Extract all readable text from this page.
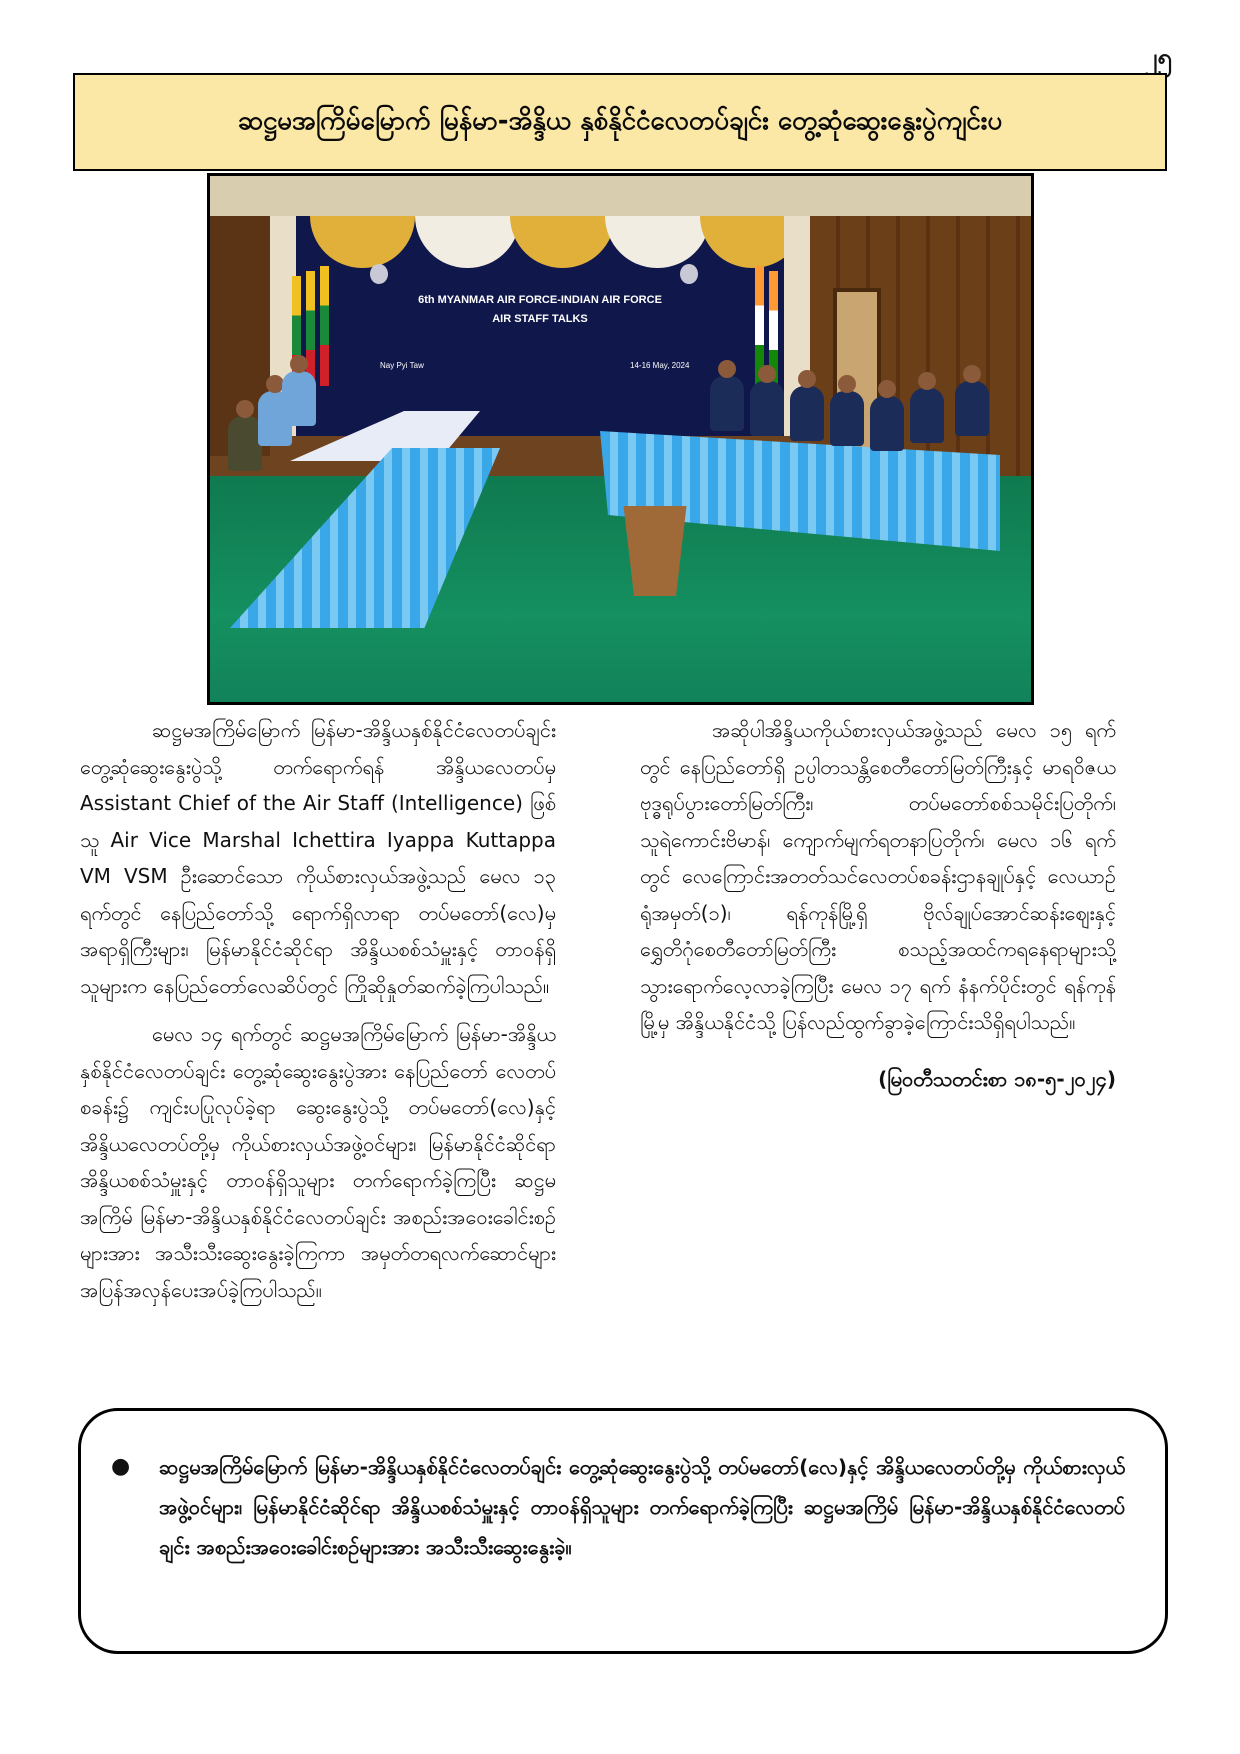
၂၅
ဆဋ္ဌမအကြိမ်မြောက် မြန်မာ-အိန္ဒိယ နှစ်နိုင်ငံလေတပ်ချင်း တွေ့ဆုံဆွေးနွေးပွဲကျင်းပ
6th MYANMAR AIR FORCE-INDIAN AIR FORCE
AIR STAFF TALKS
Nay Pyi Taw	14-16 May, 2024

ဆဋ္ဌမအကြိမ်မြောက် မြန်မာ-အိန္ဒိယနှစ်နိုင်ငံလေတပ်ချင်း တွေ့ဆုံဆွေးနွေးပွဲသို့ တက်ရောက်ရန် အိန္ဒိယလေတပ်မှ Assistant Chief of the Air Staff (Intelligence) ဖြစ်သူ Air Vice Marshal Ichettira Iyappa Kuttappa VM VSM ဦးဆောင်သော ကိုယ်စားလှယ်အဖွဲ့သည် မေလ ၁၃ ရက်တွင် နေပြည်တော်သို့ ရောက်ရှိလာရာ တပ်မတော်(လေ)မှ အရာရှိကြီးများ၊ မြန်မာနိုင်ငံဆိုင်ရာ အိန္ဒိယစစ်သံမှူးနှင့် တာဝန်ရှိသူများက နေပြည်တော်လေဆိပ်တွင် ကြိုဆိုနှုတ်ဆက်ခဲ့ကြပါသည်။

မေလ ၁၄ ရက်တွင် ဆဋ္ဌမအကြိမ်မြောက် မြန်မာ-အိန္ဒိယ နှစ်နိုင်ငံလေတပ်ချင်း တွေ့ဆုံဆွေးနွေးပွဲအား နေပြည်တော် လေတပ်စခန်း၌ ကျင်းပပြုလုပ်ခဲ့ရာ ဆွေးနွေးပွဲသို့ တပ်မတော်(လေ)နှင့် အိန္ဒိယလေတပ်တို့မှ ကိုယ်စားလှယ်အဖွဲ့ဝင်များ၊ မြန်မာနိုင်ငံဆိုင်ရာ အိန္ဒိယစစ်သံမှူးနှင့် တာဝန်ရှိသူများ တက်ရောက်ခဲ့ကြပြီး ဆဋ္ဌမအကြိမ် မြန်မာ-အိန္ဒိယနှစ်နိုင်ငံလေတပ်ချင်း အစည်းအဝေးခေါင်းစဉ်များအား အသီးသီးဆွေးနွေးခဲ့ကြကာ အမှတ်တရလက်ဆောင်များ အပြန်အလှန်ပေးအပ်ခဲ့ကြပါသည်။

အဆိုပါအိန္ဒိယကိုယ်စားလှယ်အဖွဲ့သည် မေလ ၁၅ ရက်တွင် နေပြည်တော်ရှိ ဥပ္ပါတသန္တိစေတီတော်မြတ်ကြီးနှင့် မာရဝိဇယ ဗုဒ္ဓရုပ်ပွားတော်မြတ်ကြီး၊ တပ်မတော်စစ်သမိုင်းပြတိုက်၊ သူရဲကောင်းဗိမာန်၊ ကျောက်မျက်ရတနာပြတိုက်၊ မေလ ၁၆ ရက်တွင် လေကြောင်းအတတ်သင်လေတပ်စခန်းဌာနချုပ်နှင့် လေယာဉ်ရုံအမှတ်(၁)၊ ရန်ကုန်မြို့ရှိ ဗိုလ်ချုပ်အောင်ဆန်းဈေးနှင့် ရွှေတိဂုံစေတီတော်မြတ်ကြီး စသည့်အထင်ကရနေရာများသို့ သွားရောက်လေ့လာခဲ့ကြပြီး မေလ ၁၇ ရက် နံနက်ပိုင်းတွင် ရန်ကုန်မြို့မှ အိန္ဒိယနိုင်ငံသို့ ပြန်လည်ထွက်ခွာခဲ့ကြောင်းသိရှိရပါသည်။

(မြဝတီသတင်းစာ ၁၈-၅-၂၀၂၄)
● ဆဋ္ဌမအကြိမ်မြောက် မြန်မာ-အိန္ဒိယနှစ်နိုင်ငံလေတပ်ချင်း တွေ့ဆုံဆွေးနွေးပွဲသို့ တပ်မတော်(လေ)နှင့် အိန္ဒိယလေတပ်တို့မှ ကိုယ်စားလှယ်အဖွဲ့ဝင်များ၊ မြန်မာနိုင်ငံဆိုင်ရာ အိန္ဒိယစစ်သံမှူးနှင့် တာဝန်ရှိသူများ တက်ရောက်ခဲ့ကြပြီး ဆဋ္ဌမအကြိမ် မြန်မာ-အိန္ဒိယနှစ်နိုင်ငံလေတပ်ချင်း အစည်းအဝေးခေါင်းစဉ်များအား အသီးသီးဆွေးနွေးခဲ့။
